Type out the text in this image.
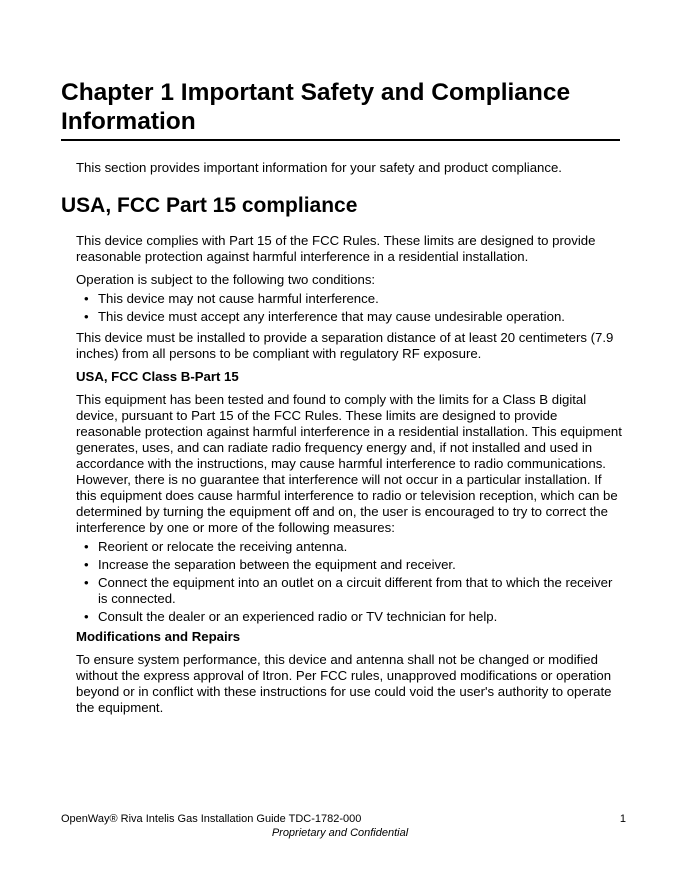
Chapter 1 Important Safety and Compliance Information

This section provides important information for your safety and product compliance.

USA, FCC Part 15 compliance

This device complies with Part 15 of the FCC Rules. These limits are designed to provide reasonable protection against harmful interference in a residential installation.

Operation is subject to the following two conditions:

• This device may not cause harmful interference.
• This device must accept any interference that may cause undesirable operation.

This device must be installed to provide a separation distance of at least 20 centimeters (7.9 inches) from all persons to be compliant with regulatory RF exposure.

USA, FCC Class B-Part 15

This equipment has been tested and found to comply with the limits for a Class B digital device, pursuant to Part 15 of the FCC Rules. These limits are designed to provide reasonable protection against harmful interference in a residential installation. This equipment generates, uses, and can radiate radio frequency energy and, if not installed and used in accordance with the instructions, may cause harmful interference to radio communications. However, there is no guarantee that interference will not occur in a particular installation. If this equipment does cause harmful interference to radio or television reception, which can be determined by turning the equipment off and on, the user is encouraged to try to correct the interference by one or more of the following measures:

• Reorient or relocate the receiving antenna.
• Increase the separation between the equipment and receiver.
• Connect the equipment into an outlet on a circuit different from that to which the receiver is connected.
• Consult the dealer or an experienced radio or TV technician for help.

Modifications and Repairs

To ensure system performance, this device and antenna shall not be changed or modified without the express approval of Itron. Per FCC rules, unapproved modifications or operation beyond or in conflict with these instructions for use could void the user's authority to operate the equipment.

OpenWay® Riva Intelis Gas Installation Guide TDC-1782-000	1
Proprietary and Confidential
